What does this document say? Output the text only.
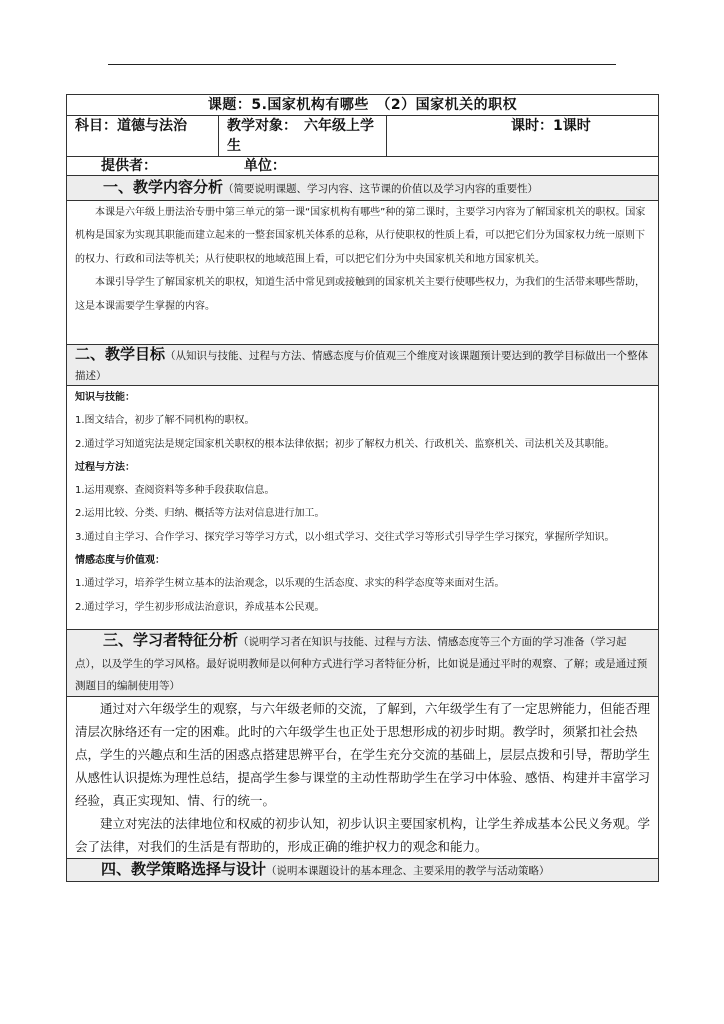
课题：5.国家机构有哪些　（2）国家机关的职权
科目：道德与法治	教学对象：　六年级上学生	课时：1课时
提供者：	单位：
一、教学内容分析（简要说明课题、学习内容、这节课的价值以及学习内容的重要性）

本课是六年级上册法治专册中第三单元的第一课“国家机构有哪些”种的第二课时，主要学习内容为了解国家机关的职权。国家机构是国家为实现其职能而建立起来的一整套国家机关体系的总称，从行使职权的性质上看，可以把它们分为国家权力统一原则下的权力、行政和司法等机关；从行使职权的地域范围上看，可以把它们分为中央国家机关和地方国家机关。

本课引导学生了解国家机关的职权，知道生活中常见到或接触到的国家机关主要行使哪些权力，为我们的生活带来哪些帮助，这是本课需要学生掌握的内容。

二、教学目标（从知识与技能、过程与方法、情感态度与价值观三个维度对该课题预计要达到的教学目标做出一个整体描述）

知识与技能：

1.图文结合，初步了解不同机构的职权。

2.通过学习知道宪法是规定国家机关职权的根本法律依据；初步了解权力机关、行政机关、监察机关、司法机关及其职能。

过程与方法：

1.运用观察、查阅资料等多种手段获取信息。

2.运用比较、分类、归纳、概括等方法对信息进行加工。

3.通过自主学习、合作学习、探究学习等学习方式，以小组式学习、交往式学习等形式引导学生学习探究，掌握所学知识。

情感态度与价值观：

1.通过学习，培养学生树立基本的法治观念，以乐观的生活态度、求实的科学态度等来面对生活。

2.通过学习，学生初步形成法治意识，养成基本公民观。

三、学习者特征分析（说明学习者在知识与技能、过程与方法、情感态度等三个方面的学习准备（学习起点），以及学生的学习风格。最好说明教师是以何种方式进行学习者特征分析，比如说是通过平时的观察、了解；或是通过预测题目的编制使用等）

通过对六年级学生的观察，与六年级老师的交流，了解到，六年级学生有了一定思辨能力，但能否理清层次脉络还有一定的困难。此时的六年级学生也正处于思想形成的初步时期。教学时，须紧扣社会热点，学生的兴趣点和生活的困惑点搭建思辨平台，在学生充分交流的基础上，层层点拨和引导，帮助学生从感性认识提炼为理性总结，提高学生参与课堂的主动性帮助学生在学习中体验、感悟、构建并丰富学习经验，真正实现知、情、行的统一。

建立对宪法的法律地位和权威的初步认知，初步认识主要国家机构，让学生养成基本公民义务观。学会了法律，对我们的生活是有帮助的，形成正确的维护权力的观念和能力。

四、教学策略选择与设计（说明本课题设计的基本理念、主要采用的教学与活动策略）
